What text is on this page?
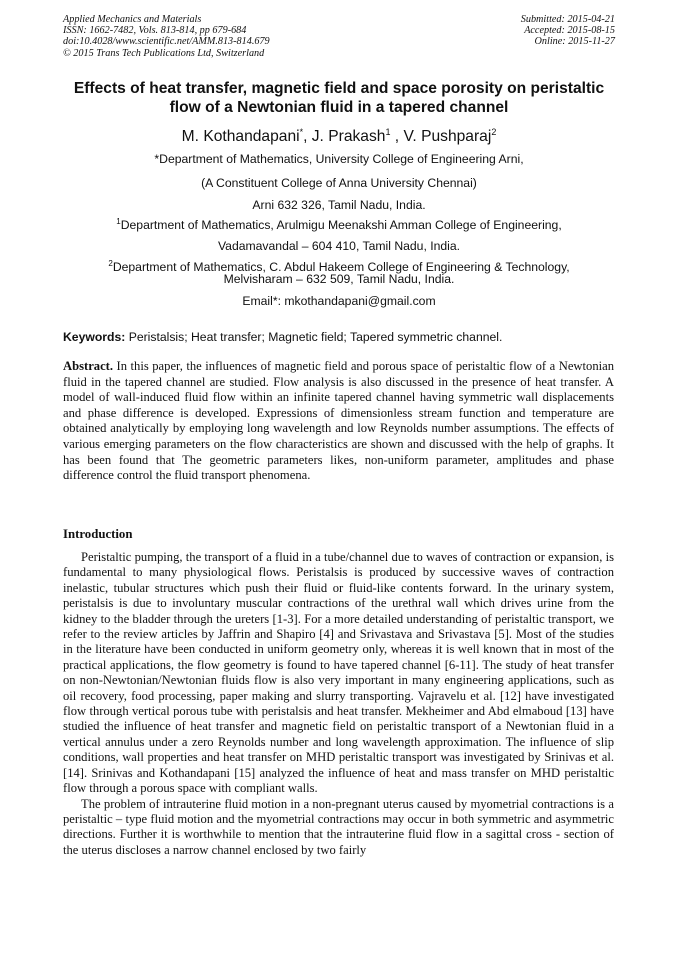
Applied Mechanics and Materials
ISSN: 1662-7482, Vols. 813-814, pp 679-684
doi:10.4028/www.scientific.net/AMM.813-814.679
© 2015 Trans Tech Publications Ltd, Switzerland
Submitted: 2015-04-21
Accepted: 2015-08-15
Online: 2015-11-27
Effects of heat transfer, magnetic field and space porosity on peristaltic
flow of a Newtonian fluid in a tapered channel
M. Kothandapani*, J. Prakash$^1$ , V. Pushparaj$^2$
*Department of Mathematics, University College of Engineering Arni,
(A Constituent College of Anna University Chennai)
Arni 632 326, Tamil Nadu, India.
$^1$Department of Mathematics, Arulmigu Meenakshi Amman College of Engineering,
Vadamavandal – 604 410, Tamil Nadu, India.
$^2$Department of Mathematics, C. Abdul Hakeem College of Engineering & Technology,
Melvisharam – 632 509, Tamil Nadu, India.
Email*: mkothandapani@gmail.com
Keywords: Peristalsis; Heat transfer; Magnetic field; Tapered symmetric channel.
Abstract. In this paper, the influences of magnetic field and porous space of peristaltic flow of a Newtonian fluid in the tapered channel are studied. Flow analysis is also discussed in the presence of heat transfer. A model of wall-induced fluid flow within an infinite tapered channel having symmetric wall displacements and phase difference is developed. Expressions of dimensionless stream function and temperature are obtained analytically by employing long wavelength and low Reynolds number assumptions. The effects of various emerging parameters on the flow characteristics are shown and discussed with the help of graphs. It has been found that The geometric parameters likes, non-uniform parameter, amplitudes and phase difference control the fluid transport phenomena.
Introduction

Peristaltic pumping, the transport of a fluid in a tube/channel due to waves of contraction or expansion, is fundamental to many physiological flows. Peristalsis is produced by successive waves of contraction inelastic, tubular structures which push their fluid or fluid-like contents forward. In the urinary system, peristalsis is due to involuntary muscular contractions of the urethral wall which drives urine from the kidney to the bladder through the ureters [1-3]. For a more detailed understanding of peristaltic transport, we refer to the review articles by Jaffrin and Shapiro [4] and Srivastava and Srivastava [5]. Most of the studies in the literature have been conducted in uniform geometry only, whereas it is well known that in most of the practical applications, the flow geometry is found to have tapered channel [6-11]. The study of heat transfer on non-Newtonian/Newtonian fluids flow is also very important in many engineering applications, such as oil recovery, food processing, paper making and slurry transporting. Vajravelu et al. [12] have investigated flow through vertical porous tube with peristalsis and heat transfer. Mekheimer and Abd elmaboud [13] have studied the influence of heat transfer and magnetic field on peristaltic transport of a Newtonian fluid in a vertical annulus under a zero Reynolds number and long wavelength approximation. The influence of slip conditions, wall properties and heat transfer on MHD peristaltic transport was investigated by Srinivas et al. [14]. Srinivas and Kothandapani [15] analyzed the influence of heat and mass transfer on MHD peristaltic flow through a porous space with compliant walls.

The problem of intrauterine fluid motion in a non-pregnant uterus caused by myometrial contractions is a peristaltic – type fluid motion and the myometrial contractions may occur in both symmetric and asymmetric directions. Further it is worthwhile to mention that the intrauterine fluid flow in a sagittal cross - section of the uterus discloses a narrow channel enclosed by two fairly
